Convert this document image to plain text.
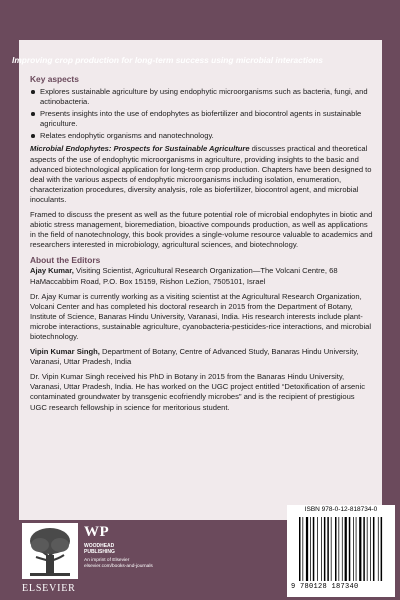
Key aspects
Explores sustainable agriculture by using endophytic microorganisms such as bacteria, fungi, and actinobacteria.
Presents insights into the use of endophytes as biofertilizer and biocontrol agents in sustainable agriculture.
Relates endophytic organisms and nanotechnology.

Microbial Endophytes: Prospects for Sustainable Agriculture discusses practical and theoretical aspects of the use of endophytic microorganisms in agriculture, providing insights to the basic and advanced biotechnological application for long-term crop production. Chapters have been designed to deal with the various aspects of endophytic microorganisms including isolation, enumeration, characterization procedures, diversity analysis, role as biofertilizer, biocontrol agent, and microbial inoculants.

Framed to discuss the present as well as the future potential role of microbial endophytes in biotic and abiotic stress management, bioremediation, bioactive compounds production, as well as applications in the field of nanotechnology, this book provides a single-volume resource valuable to academics and researchers interested in microbiology, agricultural sciences, and biotechnology.

About the Editors

Ajay Kumar, Visiting Scientist, Agricultural Research Organization—The Volcani Centre, 68 HaMaccabbim Road, P.O. Box 15159, Rishon LeZion, 7505101, Israel

Dr. Ajay Kumar is currently working as a visiting scientist at the Agricultural Research Organization, Volcani Center and has completed his doctoral research in 2015 from the Department of Botany, Institute of Science, Banaras Hindu University, Varanasi, India. His research interests include plant-microbe interactions, sustainable agriculture, cyanobacteria-pesticides-rice interactions, and microbial biotechnology.

Vipin Kumar Singh, Department of Botany, Centre of Advanced Study, Banaras Hindu University, Varanasi, Uttar Pradesh, India

Dr. Vipin Kumar Singh received his PhD in Botany in 2015 from the Banaras Hindu University, Varanasi, Uttar Pradesh, India. He has worked on the UGC project entitled “Detoxification of arsenic contaminated groundwater by transgenic ecofriendly microbes” and is the recipient of prestigious UGC research fellowship in science for meritorious student.

Improving crop production for long-term success using microbial interactions
WP
WOODHEAD
PUBLISHING
An imprint of Elsevier
elsevier.com/books-and-journals
ELSEVIER
ISBN 978-0-12-818734-0
9 780128 187340
